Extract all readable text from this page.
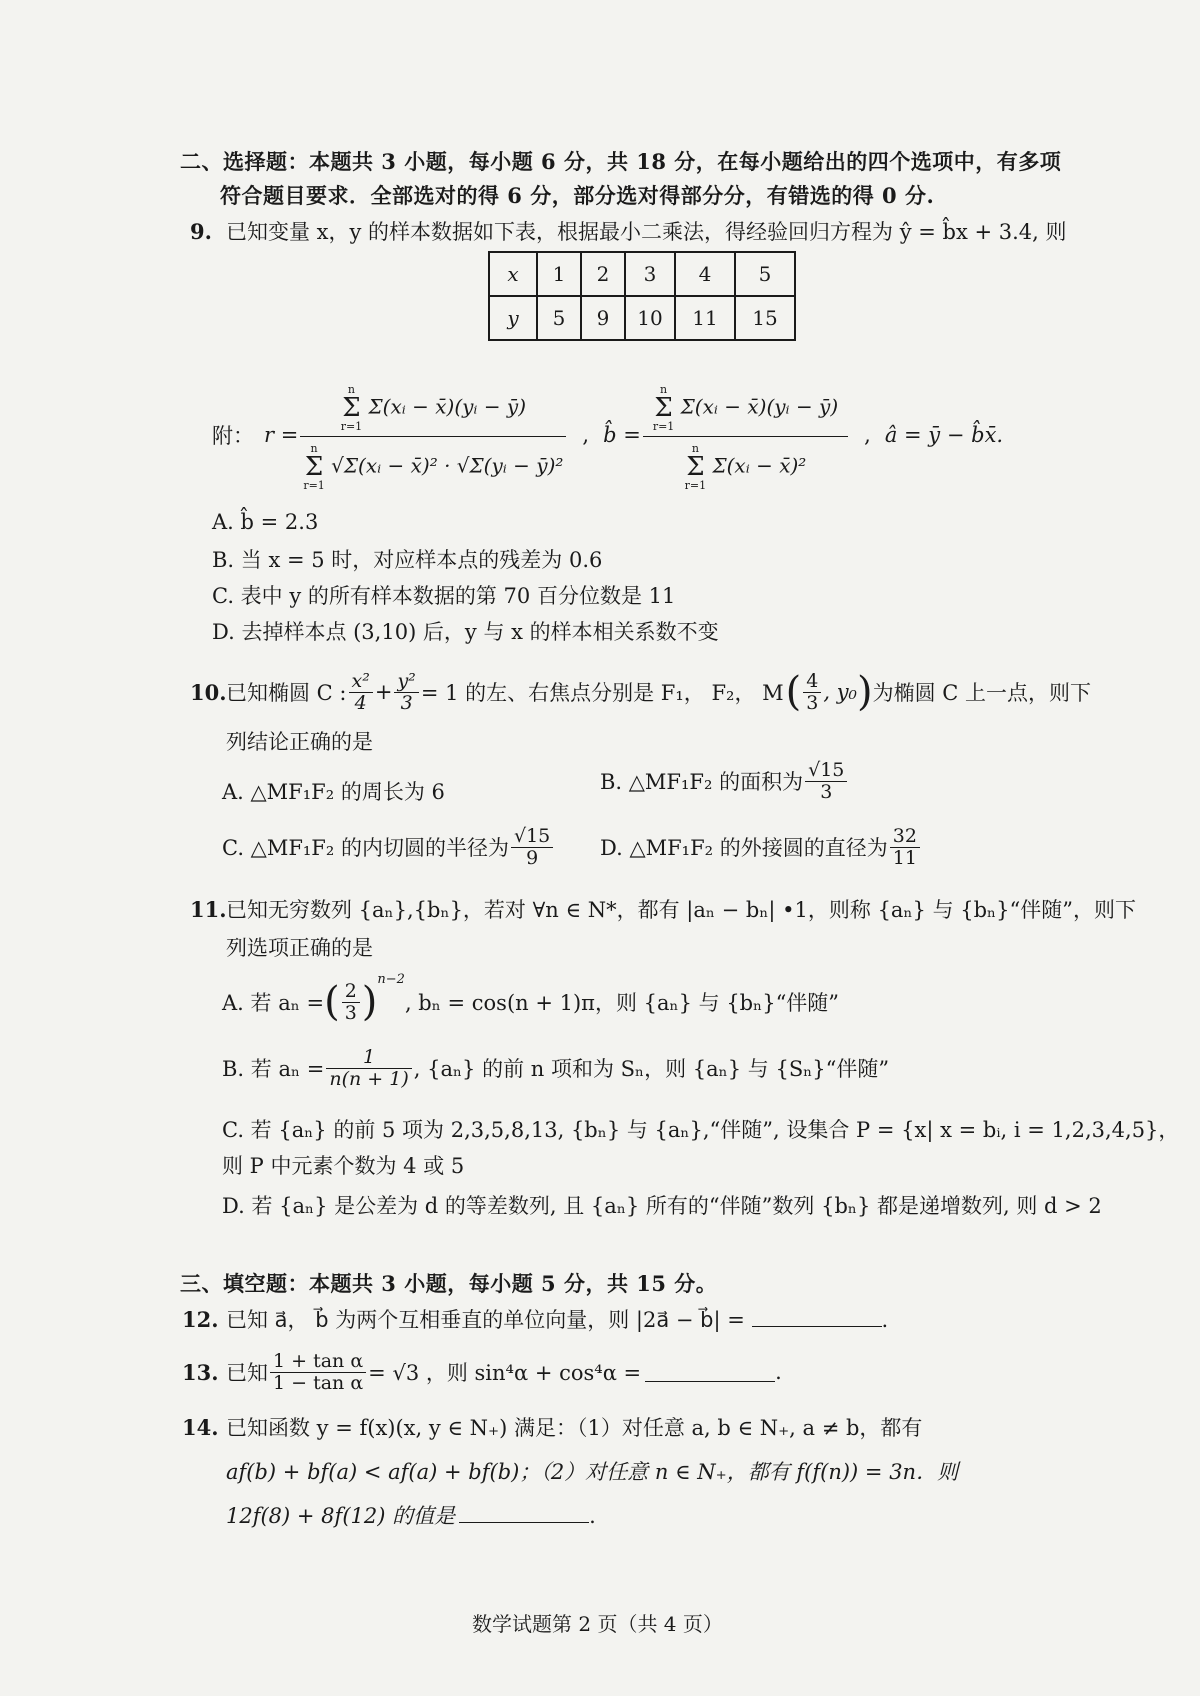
二、选择题：本题共 3 小题，每小题 6 分，共 18 分，在每小题给出的四个选项中，有多项
符合题目要求．全部选对的得 6 分，部分选对得部分分，有错选的得 0 分.
9. 已知变量 x，y 的样本数据如下表，根据最小二乘法，得经验回归方程为 ŷ = b̂x + 3.4, 则
x	1	2	3	4	5
y	5	9	10	11	15
附： r = n
Σ
r=1 Σ(xᵢ − x̄)(yᵢ − ȳ)
n
Σ
r=1 √Σ(xᵢ − x̄)² · √Σ(yᵢ − ȳ)² , b̂ = n
Σ
r=1 Σ(xᵢ − x̄)(yᵢ − ȳ)
n
Σ
r=1 Σ(xᵢ − x̄)² , â = ȳ − b̂x̄.
A. b̂ = 2.3
B. 当 x = 5 时，对应样本点的残差为 0.6
C. 表中 y 的所有样本数据的第 70 百分位数是 11
D. 去掉样本点 (3,10) 后，y 与 x 的样本相关系数不变
10. 已知椭圆 C : $\frac{\text{x²}}{4} + \frac{\text{y²}}{3} = 1$ 的左、右焦点分别是 F₁， F₂， M ( $\frac{4}{3}$ , y₀ ) 为椭圆 C 上一点，则下
列结论正确的是
A. △MF₁F₂ 的周长为 6	B. △MF₁F₂ 的面积为 $\frac{√15}{3}$
C. △MF₁F₂ 的内切圆的半径为 $\frac{√15}{9} D$. △MF₁F₂ 的外接圆的直径为 $\frac{32}{11}$
11.已知无穷数列 {aₙ},{bₙ}，若对 ∀n ∈ N*，都有 |aₙ − bₙ| •1，则称 {aₙ} 与 {bₙ}“伴随”，则下
列选项正确的是
A. 若 aₙ = ( $\frac{2}{3} )^{n-2}$
, bₙ = cos(n + 1)π，则 {aₙ} 与 {bₙ}“伴随”
B. 若 $a_n = \frac{1}{n(n + 1)}$ , {aₙ} 的前 n 项和为 Sₙ，则 {aₙ} 与 {Sₙ}“伴随”
C. 若 {aₙ} 的前 5 项为 2,3,5,8,13, {bₙ} 与 {aₙ},“伴随”, 设集合 P = {x| x = bᵢ, i = 1,2,3,4,5}，
则 P 中元素个数为 4 或 5
D. 若 {aₙ} 是公差为 d 的等差数列, 且 {aₙ} 所有的“伴随”数列 {bₙ} 都是递增数列, 则 d > 2
三、填空题：本题共 3 小题，每小题 5 分，共 15 分。
12. 已知 a⃗， b⃗ 为两个互相垂直的单位向量，则 |2a⃗ − b⃗| =	.
13. 已知 $\frac{\text{1 + tan α}}{\text{1 − tan α}} = √3$ ，则 sin⁴α + cos⁴α =	.
14. 已知函数 y = f(x)(x, y ∈ N₊) 满足：（1）对任意 a, b ∈ N₊, a ≠ b，都有
af(b) + bf(a) < af(a) + bf(b)；（2）对任意 n ∈ N₊，都有 f(f(n)) = 3n．则
12f(8) + 8f(12) 的值是	.
数学试题第 2 页（共 4 页）
